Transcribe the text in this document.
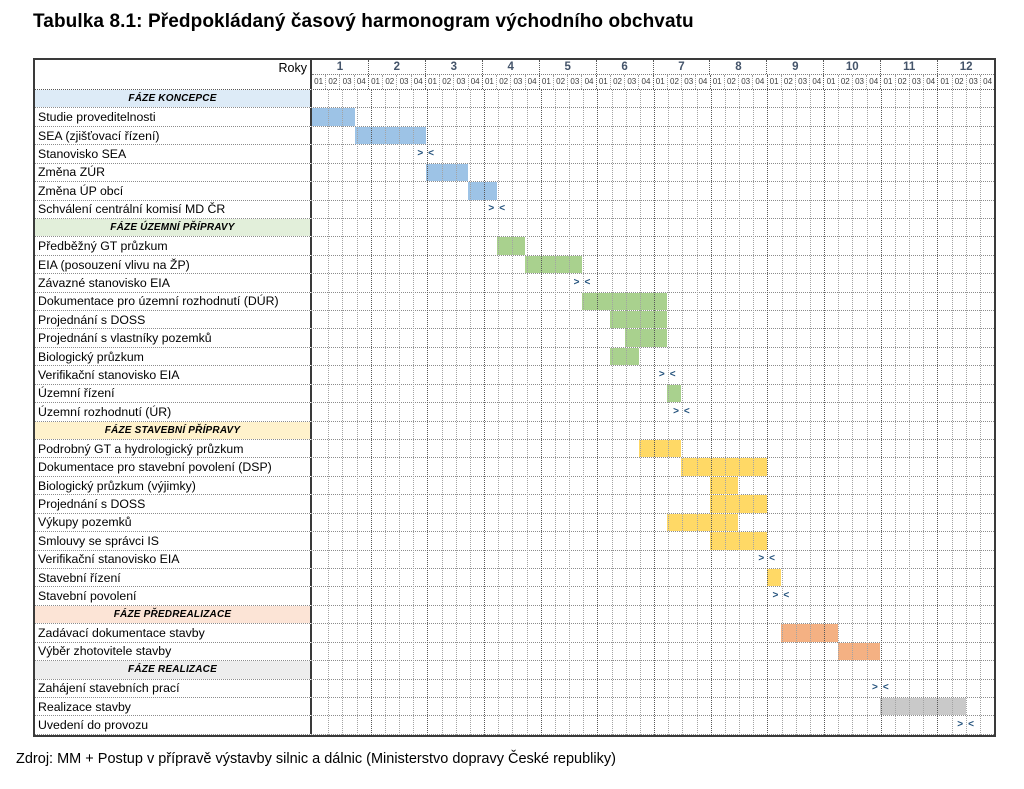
Tabulka 8.1: Předpokládaný časový harmonogram východního obchvatu
Roky	1	2	3	4	5	6	7	8	9	10	11	12
01 02 03 04 01 02 03 04 01 02 03 04 01 02 03 04 01 02 03 04 01 02 03 04 01 02 03 04 01 02 03 04 01 02 03 04 01 02 03 04 01 02 03 04 01 02 03 04
FÁZE KONCEPCE
Studie proveditelnosti
SEA (zjišťovací řízení)
Stanovisko SEA	> <
Změna ZÚR
Změna ÚP obcí
Schválení centrální komisí MD ČR	> <
FÁZE ÚZEMNÍ PŘÍPRAVY
Předběžný GT průzkum
EIA (posouzení vlivu na ŽP)
Závazné stanovisko EIA	> <
Dokumentace pro územní rozhodnutí (DÚR)
Projednání s DOSS
Projednání s vlastníky pozemků
Biologický průzkum
Verifikační stanovisko EIA	> <
Územní řízení
Územní rozhodnutí (ÚR)	> <
FÁZE STAVEBNÍ PŘÍPRAVY
Podrobný GT a hydrologický průzkum
Dokumentace pro stavební povolení (DSP)
Biologický průzkum (výjimky)
Projednání s DOSS
Výkupy pozemků
Smlouvy se správci IS
Verifikační stanovisko EIA	> <
Stavební řízení
Stavební povolení	> <
FÁZE PŘEDREALIZACE
Zadávací dokumentace stavby
Výběr zhotovitele stavby
FÁZE REALIZACE
Zahájení stavebních prací	> <
Realizace stavby
Uvedení do provozu	> <
Zdroj: MM + Postup v přípravě výstavby silnic a dálnic (Ministerstvo dopravy České republiky)
